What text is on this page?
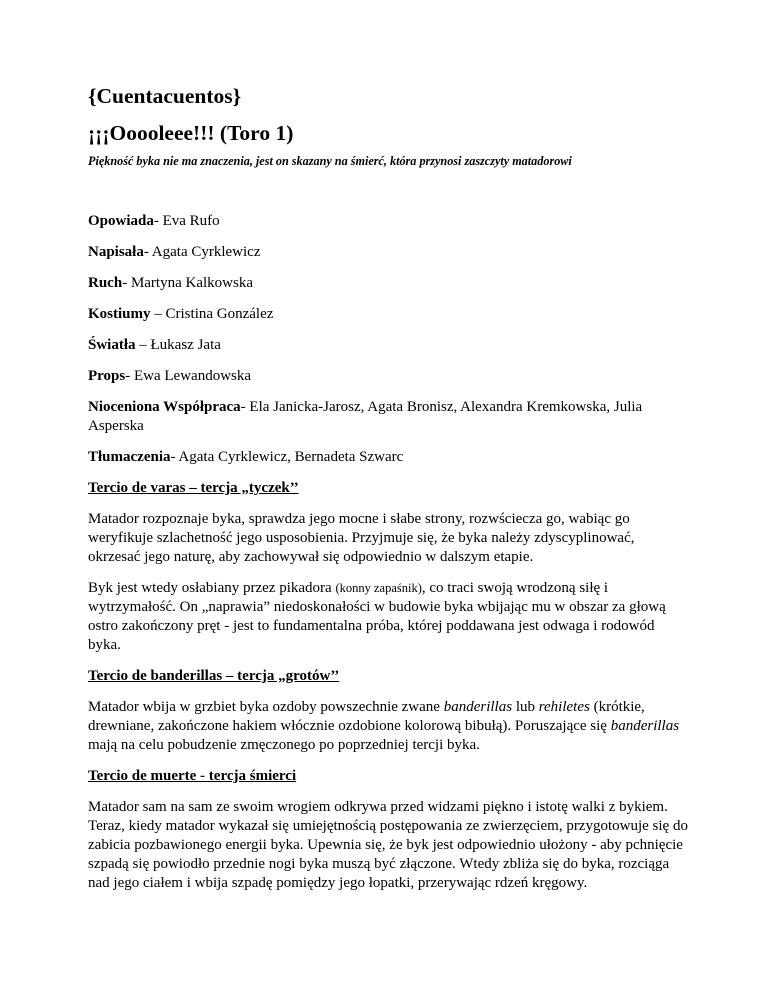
{Cuentacuentos}
¡¡¡Ooooleee!!! (Toro 1)

Piękność byka nie ma znaczenia, jest on skazany na śmierć, która przynosi zaszczyty matadorowi

Opowiada- Eva Rufo

Napisała- Agata Cyrklewicz

Ruch- Martyna Kalkowska

Kostiumy – Cristina González

Światła – Łukasz Jata

Props- Ewa Lewandowska

Nioceniona Współpraca- Ela Janicka-Jarosz, Agata Bronisz, Alexandra Kremkowska, Julia Asperska

Tłumaczenia- Agata Cyrklewicz, Bernadeta Szwarc

Tercio de varas – tercja „tyczek’’

Matador rozpoznaje byka, sprawdza jego mocne i słabe strony, rozwściecza go, wabiąc go weryfikuje szlachetność jego usposobienia. Przyjmuje się, że byka należy zdyscyplinować, okrzesać jego naturę, aby zachowywał się odpowiednio w dalszym etapie.

Byk jest wtedy osłabiany przez pikadora (konny zapaśnik), co traci swoją wrodzoną siłę i wytrzymałość. On „naprawia” niedoskonałości w budowie byka wbijając mu w obszar za głową ostro zakończony pręt - jest to fundamentalna próba, której poddawana jest odwaga i rodowód byka.

Tercio de banderillas – tercja „grotów’’

Matador wbija w grzbiet byka ozdoby powszechnie zwane banderillas lub rehiletes (krótkie, drewniane, zakończone hakiem włócznie ozdobione kolorową bibułą). Poruszające się banderillas mają na celu pobudzenie zmęczonego po poprzedniej tercji byka.

Tercio de muerte - tercja śmierci

Matador sam na sam ze swoim wrogiem odkrywa przed widzami piękno i istotę walki z bykiem. Teraz, kiedy matador wykazał się umiejętnością postępowania ze zwierzęciem, przygotowuje się do zabicia pozbawionego energii byka. Upewnia się, że byk jest odpowiednio ułożony - aby pchnięcie szpadą się powiodło przednie nogi byka muszą być złączone. Wtedy zbliża się do byka, rozciąga nad jego ciałem i wbija szpadę pomiędzy jego łopatki, przerywając rdzeń kręgowy.
